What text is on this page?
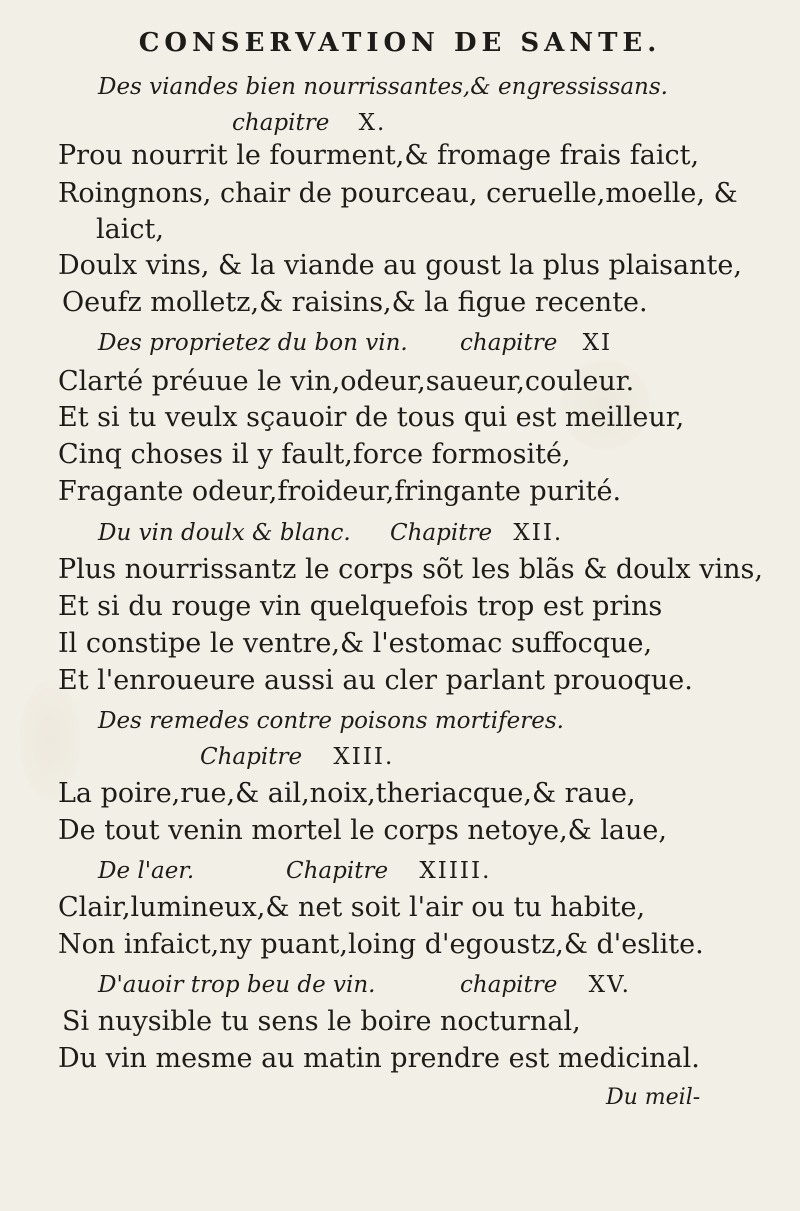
CONSERVATION DE SANTE.
Des viandes bien nourrissantes,& engressissans.
chapitre X.
Prou nourrit le fourment,& fromage frais faict,
Roingnons, chair de pourceau, ceruelle,moelle, &
laict,
Doulx vins, & la viande au goust la plus plaisante,
Oeufz molletz,& raisins,& la figue recente.
Des proprietez du bon vin. chapitre XI
Clarté préuue le vin,odeur,saueur,couleur.
Et si tu veulx sçauoir de tous qui est meilleur,
Cinq choses il y fault,force formosité,
Fragante odeur,froideur,fringante purité.
Du vin doulx & blanc. Chapitre XII.
Plus nourrissantz le corps sõt les blãs & doulx vins,
Et si du rouge vin quelquefois trop est prins
Il constipe le ventre,& l'estomac suffocque,
Et l'enroueure aussi au cler parlant prouoque.
Des remedes contre poisons mortiferes.
Chapitre XIII.
La poire,rue,& ail,noix,theriacque,& raue,
De tout venin mortel le corps netoye,& laue,
De l'aer.	Chapitre XIIII.
Clair,lumineux,& net soit l'air ou tu habite,
Non infaict,ny puant,loing d'egoustz,& d'eslite.
D'auoir trop beu de vin.	chapitre XV.
Si nuysible tu sens le boire nocturnal,
Du vin mesme au matin prendre est medicinal.
Du meil-
